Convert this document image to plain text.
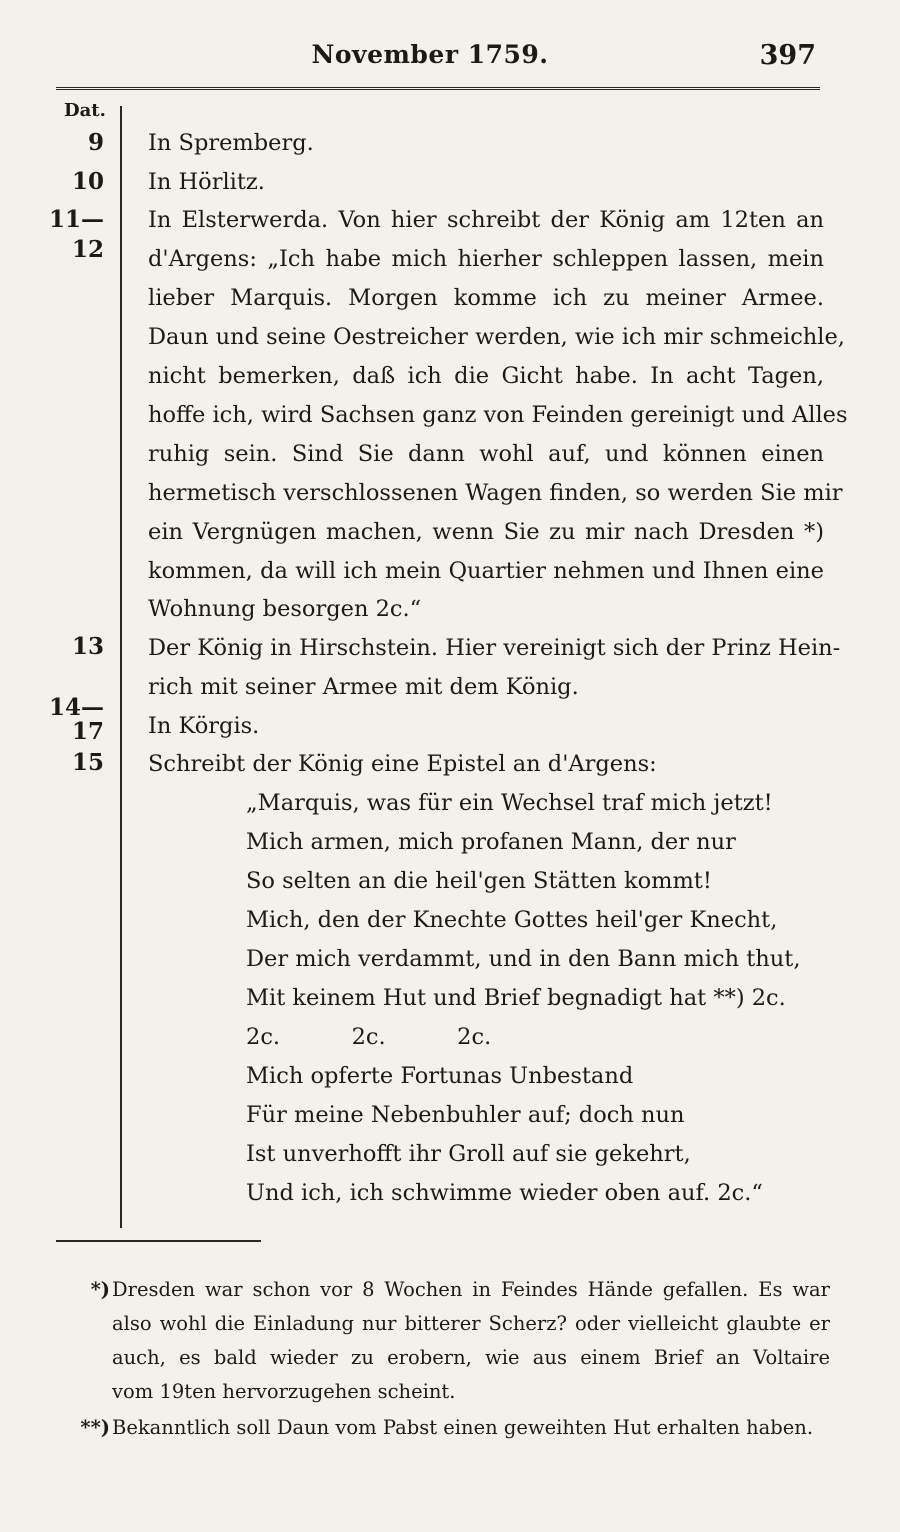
November 1759.	397
Dat.
9
10
11—
12
13
14—
17
15
In Spremberg.
In Hörlitz.
In Elsterwerda. Von hier schreibt der König am 12ten an
d'Argens: „Ich habe mich hierher schleppen lassen, mein
lieber Marquis. Morgen komme ich zu meiner Armee.
Daun und seine Oestreicher werden, wie ich mir schmeichle,
nicht bemerken, daß ich die Gicht habe. In acht Tagen,
hoffe ich, wird Sachsen ganz von Feinden gereinigt und Alles
ruhig sein. Sind Sie dann wohl auf, und können einen
hermetisch verschlossenen Wagen finden, so werden Sie mir
ein Vergnügen machen, wenn Sie zu mir nach Dresden *)
kommen, da will ich mein Quartier nehmen und Ihnen eine
Wohnung besorgen 2c.“
Der König in Hirschstein. Hier vereinigt sich der Prinz Hein-
rich mit seiner Armee mit dem König.
In Körgis.
Schreibt der König eine Epistel an d'Argens:
„Marquis, was für ein Wechsel traf mich jetzt!
Mich armen, mich profanen Mann, der nur
So selten an die heil'gen Stätten kommt!
Mich, den der Knechte Gottes heil'ger Knecht,
Der mich verdammt, und in den Bann mich thut,
Mit keinem Hut und Brief begnadigt hat **) 2c.
2c.          2c.          2c.
Mich opferte Fortunas Unbestand
Für meine Nebenbuhler auf; doch nun
Ist unverhofft ihr Groll auf sie gekehrt,
Und ich, ich schwimme wieder oben auf. 2c.“
*) Dresden war schon vor 8 Wochen in Feindes Hände gefallen. Es war
also wohl die Einladung nur bitterer Scherz? oder vielleicht glaubte er
auch, es bald wieder zu erobern, wie aus einem Brief an Voltaire
vom 19ten hervorzugehen scheint.
**) Bekanntlich soll Daun vom Pabst einen geweihten Hut erhalten haben.
